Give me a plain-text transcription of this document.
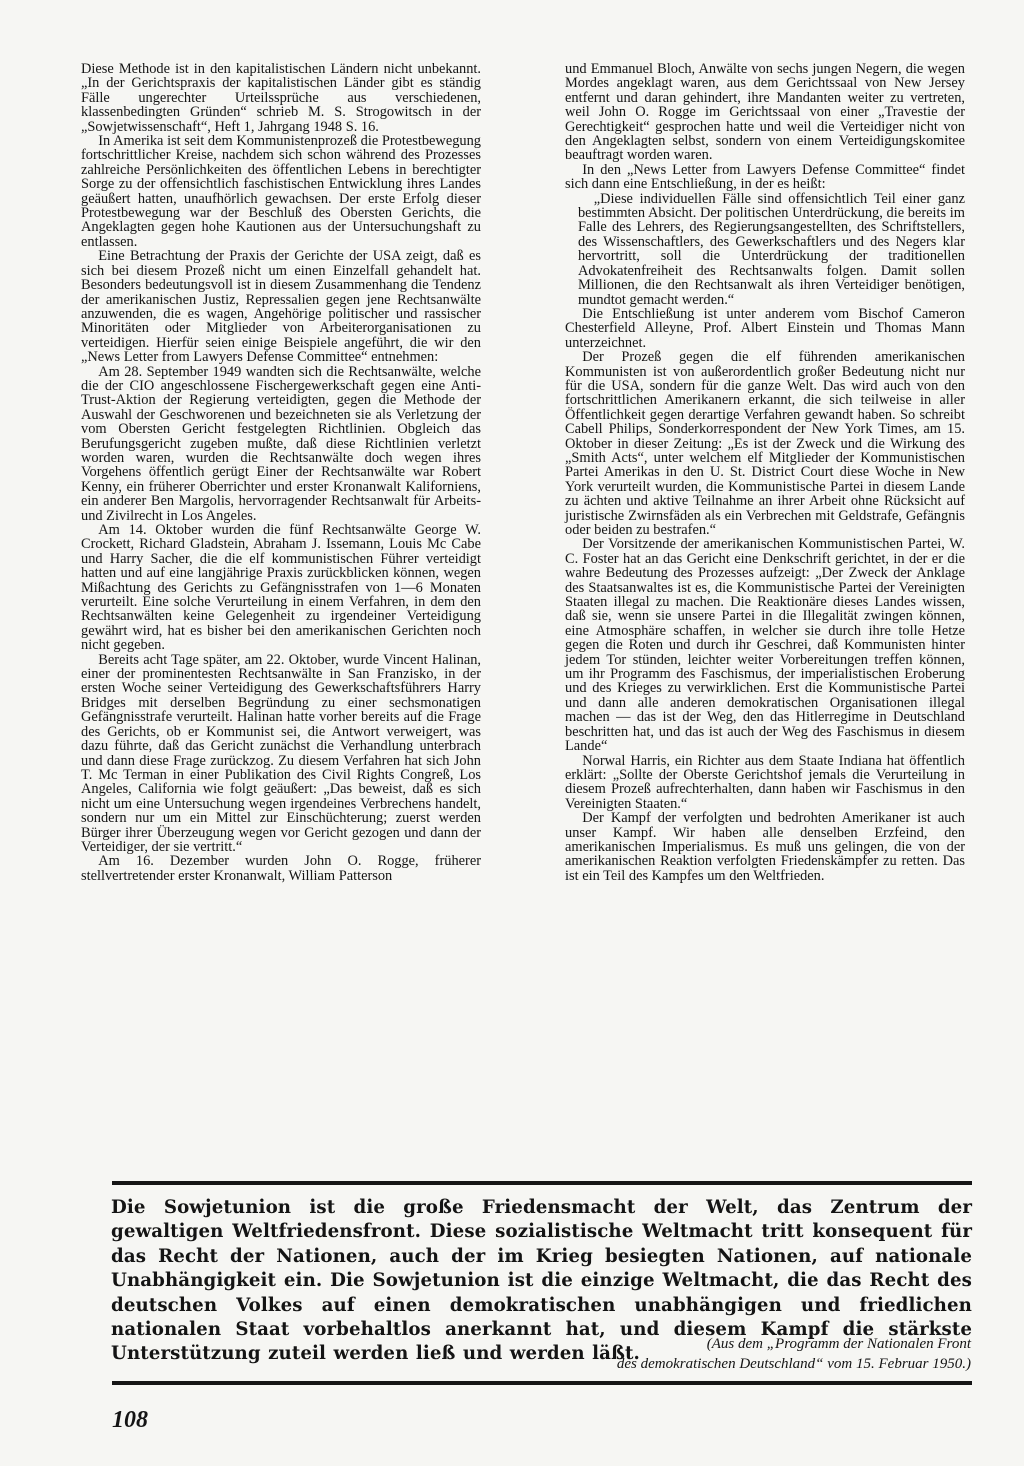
Diese Methode ist in den kapitalistischen Ländern nicht unbekannt. „In der Gerichtspraxis der kapitalistischen Länder gibt es ständig Fälle ungerechter Urteilssprüche aus verschiedenen, klassenbedingten Gründen“ schrieb M. S. Strogowitsch in der „Sowjetwissenschaft“, Heft 1, Jahrgang 1948 S. 16.

In Amerika ist seit dem Kommunistenprozeß die Protestbewegung fortschrittlicher Kreise, nachdem sich schon während des Prozesses zahlreiche Persönlichkeiten des öffentlichen Lebens in berechtigter Sorge zu der offensichtlich faschistischen Entwicklung ihres Landes geäußert hatten, unaufhörlich gewachsen. Der erste Erfolg dieser Protestbewegung war der Beschluß des Obersten Gerichts, die Angeklagten gegen hohe Kautionen aus der Untersuchungshaft zu entlassen.

Eine Betrachtung der Praxis der Gerichte der USA zeigt, daß es sich bei diesem Prozeß nicht um einen Einzelfall gehandelt hat. Besonders bedeutungsvoll ist in diesem Zusammenhang die Tendenz der amerikanischen Justiz, Repressalien gegen jene Rechtsanwälte anzuwenden, die es wagen, Angehörige politischer und rassischer Minoritäten oder Mitglieder von Arbeiterorganisationen zu verteidigen. Hierfür seien einige Beispiele angeführt, die wir den „News Letter from Lawyers Defense Committee“ entnehmen:

Am 28. September 1949 wandten sich die Rechtsanwälte, welche die der CIO angeschlossene Fischergewerkschaft gegen eine Anti-Trust-Aktion der Regierung verteidigten, gegen die Methode der Auswahl der Geschworenen und bezeichneten sie als Verletzung der vom Obersten Gericht festgelegten Richtlinien. Obgleich das Berufungsgericht zugeben mußte, daß diese Richtlinien verletzt worden waren, wurden die Rechtsanwälte doch wegen ihres Vorgehens öffentlich gerügt Einer der Rechtsanwälte war Robert Kenny, ein früherer Oberrichter und erster Kronanwalt Kaliforniens, ein anderer Ben Margolis, hervorragender Rechtsanwalt für Arbeits- und Zivilrecht in Los Angeles.

Am 14. Oktober wurden die fünf Rechtsanwälte George W. Crockett, Richard Gladstein, Abraham J. Issemann, Louis Mc Cabe und Harry Sacher, die die elf kommunistischen Führer verteidigt hatten und auf eine langjährige Praxis zurückblicken können, wegen Mißachtung des Gerichts zu Gefängnisstrafen von 1—6 Monaten verurteilt. Eine solche Verurteilung in einem Verfahren, in dem den Rechtsanwälten keine Gelegenheit zu irgendeiner Verteidigung gewährt wird, hat es bisher bei den amerikanischen Gerichten noch nicht gegeben.

Bereits acht Tage später, am 22. Oktober, wurde Vincent Halinan, einer der prominentesten Rechtsanwälte in San Franzisko, in der ersten Woche seiner Verteidigung des Gewerkschaftsführers Harry Bridges mit derselben Begründung zu einer sechsmonatigen Gefängnisstrafe verurteilt. Halinan hatte vorher bereits auf die Frage des Gerichts, ob er Kommunist sei, die Antwort verweigert, was dazu führte, daß das Gericht zunächst die Verhandlung unterbrach und dann diese Frage zurückzog. Zu diesem Verfahren hat sich John T. Mc Terman in einer Publikation des Civil Rights Congreß, Los Angeles, California wie folgt geäußert: „Das beweist, daß es sich nicht um eine Untersuchung wegen irgendeines Verbrechens handelt, sondern nur um ein Mittel zur Einschüchterung; zuerst werden Bürger ihrer Überzeugung wegen vor Gericht gezogen und dann der Verteidiger, der sie vertritt.“

Am 16. Dezember wurden John O. Rogge, früherer stellvertretender erster Kronanwalt, William Patterson

und Emmanuel Bloch, Anwälte von sechs jungen Negern, die wegen Mordes angeklagt waren, aus dem Gerichtssaal von New Jersey entfernt und daran gehindert, ihre Mandanten weiter zu vertreten, weil John O. Rogge im Gerichtssaal von einer „Travestie der Gerechtigkeit“ gesprochen hatte und weil die Verteidiger nicht von den Angeklagten selbst, sondern von einem Verteidigungskomitee beauftragt worden waren.

In den „News Letter from Lawyers Defense Committee“ findet sich dann eine Entschließung, in der es heißt:

„Diese individuellen Fälle sind offensichtlich Teil einer ganz bestimmten Absicht. Der politischen Unterdrückung, die bereits im Falle des Lehrers, des Regierungsangestellten, des Schriftstellers, des Wissenschaftlers, des Gewerkschaftlers und des Negers klar hervortritt, soll die Unterdrückung der traditionellen Advokatenfreiheit des Rechtsanwalts folgen. Damit sollen Millionen, die den Rechtsanwalt als ihren Verteidiger benötigen, mundtot gemacht werden.“

Die Entschließung ist unter anderem vom Bischof Cameron Chesterfield Alleyne, Prof. Albert Einstein und Thomas Mann unterzeichnet.

Der Prozeß gegen die elf führenden amerikanischen Kommunisten ist von außerordentlich großer Bedeutung nicht nur für die USA, sondern für die ganze Welt. Das wird auch von den fortschrittlichen Amerikanern erkannt, die sich teilweise in aller Öffentlichkeit gegen derartige Verfahren gewandt haben. So schreibt Cabell Philips, Sonderkorrespondent der New York Times, am 15. Oktober in dieser Zeitung: „Es ist der Zweck und die Wirkung des „Smith Acts“, unter welchem elf Mitglieder der Kommunistischen Partei Amerikas in den U. St. District Court diese Woche in New York verurteilt wurden, die Kommunistische Partei in diesem Lande zu ächten und aktive Teilnahme an ihrer Arbeit ohne Rücksicht auf juristische Zwirnsfäden als ein Verbrechen mit Geldstrafe, Gefängnis oder beiden zu bestrafen.“

Der Vorsitzende der amerikanischen Kommunistischen Partei, W. C. Foster hat an das Gericht eine Denkschrift gerichtet, in der er die wahre Bedeutung des Prozesses aufzeigt: „Der Zweck der Anklage des Staatsanwaltes ist es, die Kommunistische Partei der Vereinigten Staaten illegal zu machen. Die Reaktionäre dieses Landes wissen, daß sie, wenn sie unsere Partei in die Illegalität zwingen können, eine Atmosphäre schaffen, in welcher sie durch ihre tolle Hetze gegen die Roten und durch ihr Geschrei, daß Kommunisten hinter jedem Tor stünden, leichter weiter Vorbereitungen treffen können, um ihr Programm des Faschismus, der imperialistischen Eroberung und des Krieges zu verwirklichen. Erst die Kommunistische Partei und dann alle anderen demokratischen Organisationen illegal machen — das ist der Weg, den das Hitlerregime in Deutschland beschritten hat, und das ist auch der Weg des Faschismus in diesem Lande“

Norwal Harris, ein Richter aus dem Staate Indiana hat öffentlich erklärt: „Sollte der Oberste Gerichtshof jemals die Verurteilung in diesem Prozeß aufrechterhalten, dann haben wir Faschismus in den Vereinigten Staaten.“

Der Kampf der verfolgten und bedrohten Amerikaner ist auch unser Kampf. Wir haben alle denselben Erzfeind, den amerikanischen Imperialismus. Es muß uns gelingen, die von der amerikanischen Reaktion verfolgten Friedenskämpfer zu retten. Das ist ein Teil des Kampfes um den Weltfrieden.

Die Sowjetunion ist die große Friedensmacht der Welt, das Zentrum der gewaltigen Weltfriedensfront. Diese sozialistische Weltmacht tritt konsequent für das Recht der Nationen, auch der im Krieg besiegten Nationen, auf nationale Unabhängigkeit ein. Die Sowjetunion ist die einzige Weltmacht, die das Recht des deutschen Volkes auf einen demokratischen unabhängigen und friedlichen nationalen Staat vorbehaltlos anerkannt hat, und diesem Kampf die stärkste Unterstützung zuteil werden ließ und werden läßt.	(Aus dem „Programm der Nationalen Front
des demokratischen Deutschland“ vom 15. Februar 1950.)
108
